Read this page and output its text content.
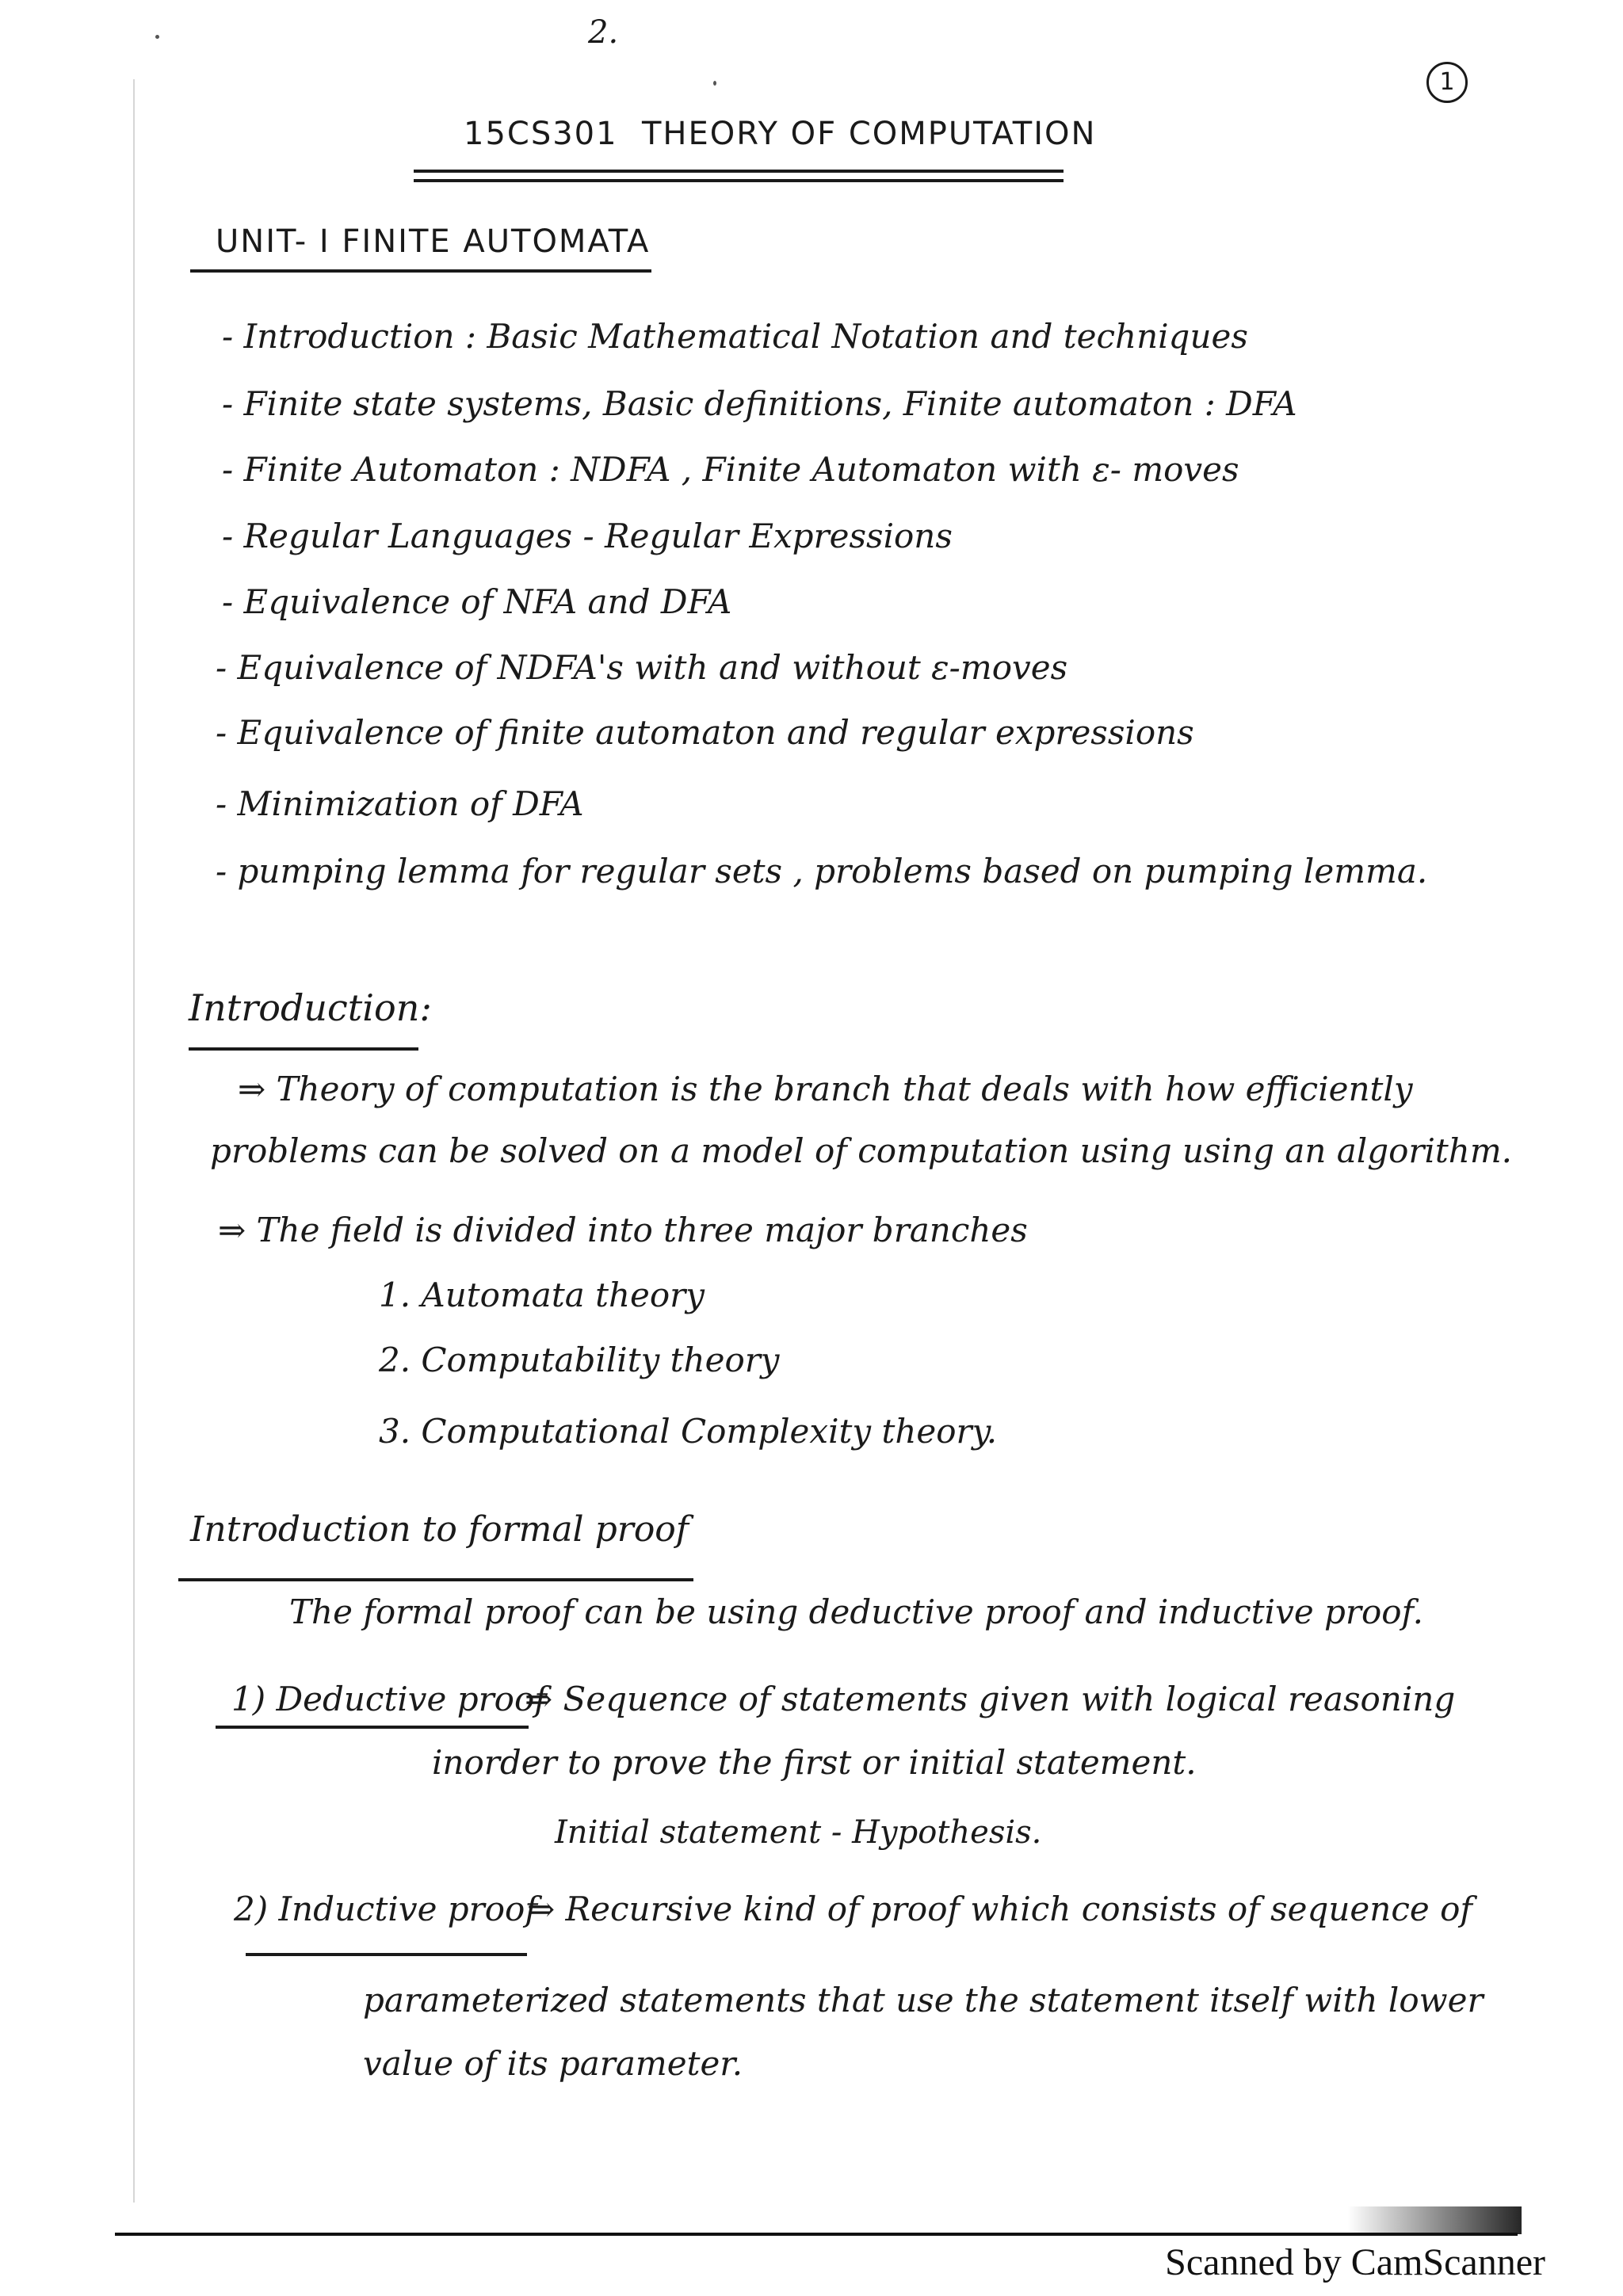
2.
1
15CS301 THEORY OF COMPUTATION
UNIT- I FINITE AUTOMATA
- Introduction : Basic Mathematical Notation and techniques
- Finite state systems, Basic definitions, Finite automaton : DFA
- Finite Automaton : NDFA , Finite Automaton with ε- moves
- Regular Languages - Regular Expressions
- Equivalence of NFA and DFA
- Equivalence of NDFA's with and without ε-moves
- Equivalence of finite automaton and regular expressions
- Minimization of DFA
- pumping lemma for regular sets , problems based on pumping lemma.
Introduction:
⇒ Theory of computation is the branch that deals with how efficiently
problems can be solved on a model of computation using using an algorithm.
⇒ The field is divided into three major branches
1. Automata theory
2. Computability theory
3. Computational Complexity theory.
Introduction to formal proof
The formal proof can be using deductive proof and inductive proof.
1) Deductive proof
⇒ Sequence of statements given with logical reasoning
inorder to prove the first or initial statement.
Initial statement - Hypothesis.
2) Inductive proof
⇒ Recursive kind of proof which consists of sequence of
parameterized statements that use the statement itself with lower
value of its parameter.
Scanned by CamScanner
